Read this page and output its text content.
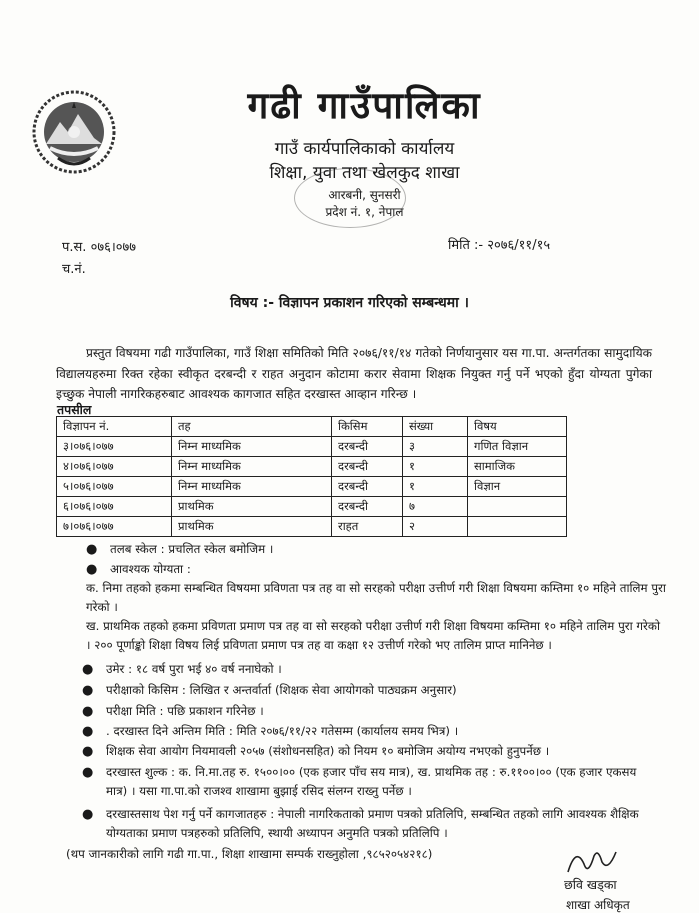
गढी गाउँपालिका
गाउँ कार्यपालिकाको कार्यालय
शिक्षा, युवा तथा खेलकुद शाखा
आरबनी, सुनसरी
प्रदेश नं. १, नेपाल
प.स. ०७६।०७७
च.नं.
मिति :- २०७६/११/१५
विषय :- विज्ञापन प्रकाशन गरिएको सम्बन्धमा ।
प्रस्तुत विषयमा गढी गाउँपालिका, गाउँ शिक्षा समितिको मिति २०७६/११/१४ गतेको निर्णयानुसार यस गा.पा. अन्तर्गतका सामुदायिक विद्यालयहरुमा रिक्त रहेका स्वीकृत दरबन्दी र राहत अनुदान कोटामा करार सेवामा शिक्षक नियुक्त गर्नु पर्ने भएको हुँदा योग्यता पुगेका इच्छुक नेपाली नागरिकहरुबाट आवश्यक कागजात सहित दरखास्त आव्हान गरिन्छ ।
तपसील
विज्ञापन नं.	तह	किसिम	संख्या	विषय
३।०७६।०७७	निम्न माध्यमिक	दरबन्दी	३	गणित विज्ञान
४।०७६।०७७	निम्न माध्यमिक	दरबन्दी	१	सामाजिक
५।०७६।०७७	निम्न माध्यमिक	दरबन्दी	१	विज्ञान
६।०७६।०७७	प्राथमिक	दरबन्दी	७	
७।०७६।०७७	प्राथमिक	राहत	२	
● तलब स्केल : प्रचलित स्केल बमोजिम ।
● आवश्यक योग्यता :
क. निमा तहको हकमा सम्बन्धित विषयमा प्रविणता पत्र तह वा सो सरहको परीक्षा उत्तीर्ण गरी शिक्षा विषयमा कम्तिमा १० महिने तालिम पुरा गरेको ।
ख. प्राथमिक तहको हकमा प्रविणता प्रमाण पत्र तह वा सो सरहको परीक्षा उत्तीर्ण गरी शिक्षा विषयमा कम्तिमा १० महिने तालिम पुरा गरेको । २०० पूर्णाङ्को शिक्षा विषय लिई प्रविणता प्रमाण पत्र तह वा कक्षा १२ उत्तीर्ण गरेको भए तालिम प्राप्त मानिनेछ ।
● उमेर : १८ वर्ष पुरा भई ४० वर्ष ननाघेको ।
● परीक्षाको किसिम : लिखित र अन्तर्वार्ता (शिक्षक सेवा आयोगको पाठ्यक्रम अनुसार)
● परीक्षा मिति : पछि प्रकाशन गरिनेछ ।
● . दरखास्त दिने अन्तिम मिति : मिति २०७६/११/२२ गतेसम्म (कार्यालय समय भित्र) ।
● शिक्षक सेवा आयोग नियमावली २०५७ (संशोधनसहित) को नियम १० बमोजिम अयोग्य नभएको हुनुपर्नेछ ।
● दरखास्त शुल्क : क. नि.मा.तह रु. १५००।०० (एक हजार पाँच सय मात्र), ख. प्राथमिक तह : रु.११००।०० (एक हजार एकसय मात्र) । यसा गा.पा.को राजश्व शाखामा बुझाई रसिद संलग्न राख्नु पर्नेछ ।
● दरखास्तसाथ पेश गर्नु पर्ने कागजातहरु : नेपाली नागरिकताको प्रमाण पत्रको प्रतिलिपि, सम्बन्धित तहको लागि आवश्यक शैक्षिक योग्यताका प्रमाण पत्रहरुको प्रतिलिपि, स्थायी अध्यापन अनुमति पत्रको प्रतिलिपि ।
(थप जानकारीको लागि गढी गा.पा., शिक्षा शाखामा सम्पर्क राख्नुहोला ,९८५२०५४२१८)
छवि खड्का
शाखा अधिकृत
